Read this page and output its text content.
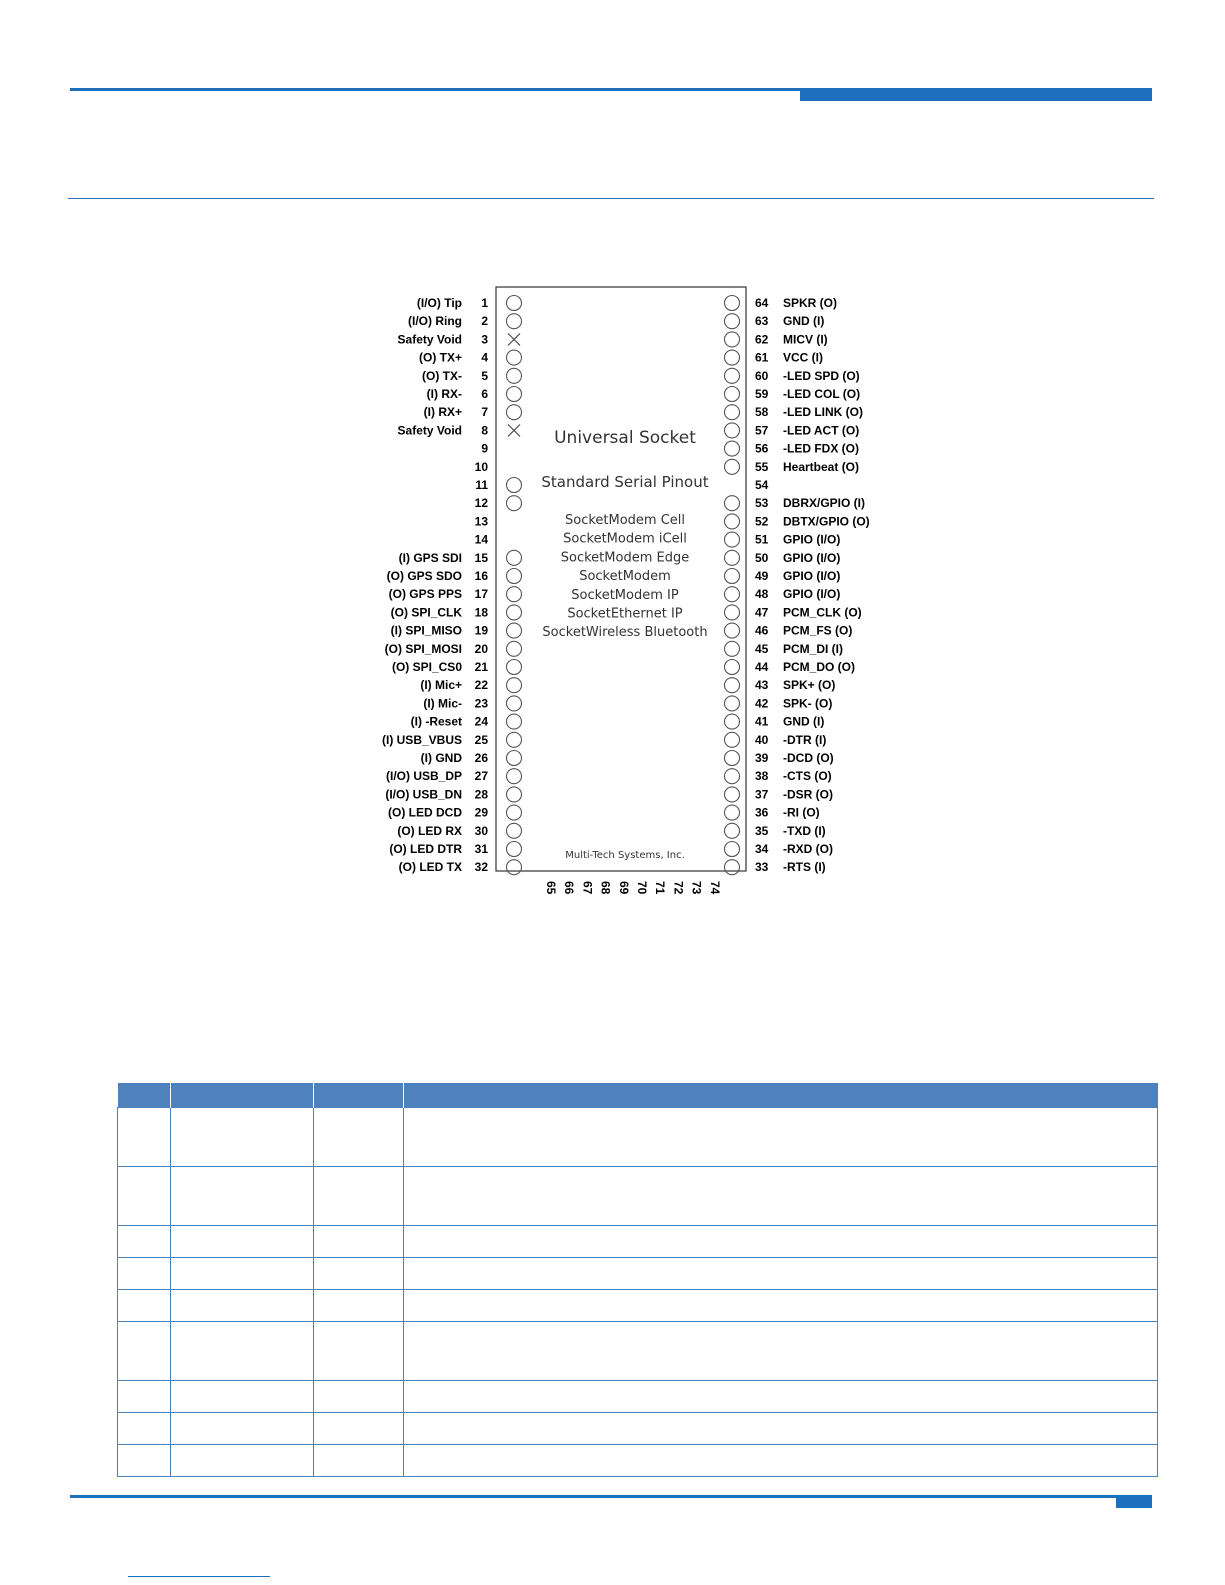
Universal Socket
Standard Serial Pinout
SocketModem Cell
SocketModem iCell
SocketModem Edge
SocketModem
SocketModem IP
SocketEthernet IP
SocketWireless Bluetooth
Multi-Tech Systems, Inc.
(I/O) Tip 1
(I/O) Ring 2
Safety Void 3
(O) TX+ 4
(O) TX- 5
(I) RX- 6
(I) RX+ 7
Safety Void 8
9
10
11
12
13
14
(I) GPS SDI 15
(O) GPS SDO 16
(O) GPS PPS 17
(O) SPI_CLK 18
(I) SPI_MISO 19
(O) SPI_MOSI 20
(O) SPI_CS0 21
(I) Mic+ 22
(I) Mic- 23
(I) -Reset 24
(I) USB_VBUS 25
(I) GND 26
(I/O) USB_DP 27
(I/O) USB_DN 28
(O) LED DCD 29
(O) LED RX 30
(O) LED DTR 31
(O) LED TX 32
64 SPKR (O)
63 GND (I)
62 MICV (I)
61 VCC (I)
60 -LED SPD (O)
59 -LED COL (O)
58 -LED LINK (O)
57 -LED ACT (O)
56 -LED FDX (O)
55 Heartbeat (O)
54
53 DBRX/GPIO (I)
52 DBTX/GPIO (O)
51 GPIO (I/O)
50 GPIO (I/O)
49 GPIO (I/O)
48 GPIO (I/O)
47 PCM_CLK (O)
46 PCM_FS (O)
45 PCM_DI (I)
44 PCM_DO (O)
43 SPK+ (O)
42 SPK- (O)
41 GND (I)
40 -DTR (I)
39 -DCD (O)
38 -CTS (O)
37 -DSR (O)
36 -RI (O)
35 -TXD (I)
34 -RXD (O)
33 -RTS (I)
65 66 67 68 69 70 71 72 73 74
